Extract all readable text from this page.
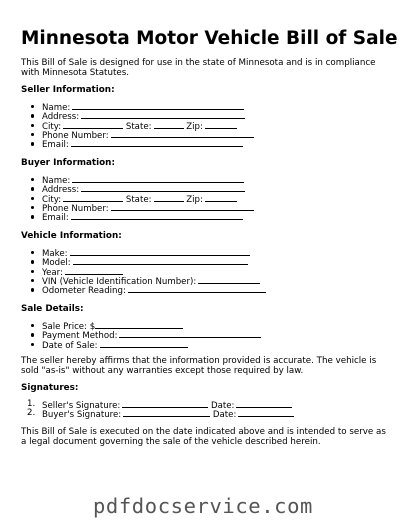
Minnesota Motor Vehicle Bill of Sale
This Bill of Sale is designed for use in the state of Minnesota and is in compliance with Minnesota Statutes.
Seller Information:
Name:
Address:
City:	State:	Zip:
Phone Number:
Email:
Buyer Information:
Name:
Address:
City:	State:	Zip:
Phone Number:
Email:
Vehicle Information:
Make:
Model:
Year:
VIN (Vehicle Identification Number):
Odometer Reading:
Sale Details:
Sale Price: $
Payment Method:
Date of Sale:
The seller hereby affirms that the information provided is accurate. The vehicle is sold "as-is" without any warranties except those required by law.
Signatures:
1. Seller's Signature:	Date:
2. Buyer's Signature:	Date:
This Bill of Sale is executed on the date indicated above and is intended to serve as a legal document governing the sale of the vehicle described herein.
pdfdocservice.com
